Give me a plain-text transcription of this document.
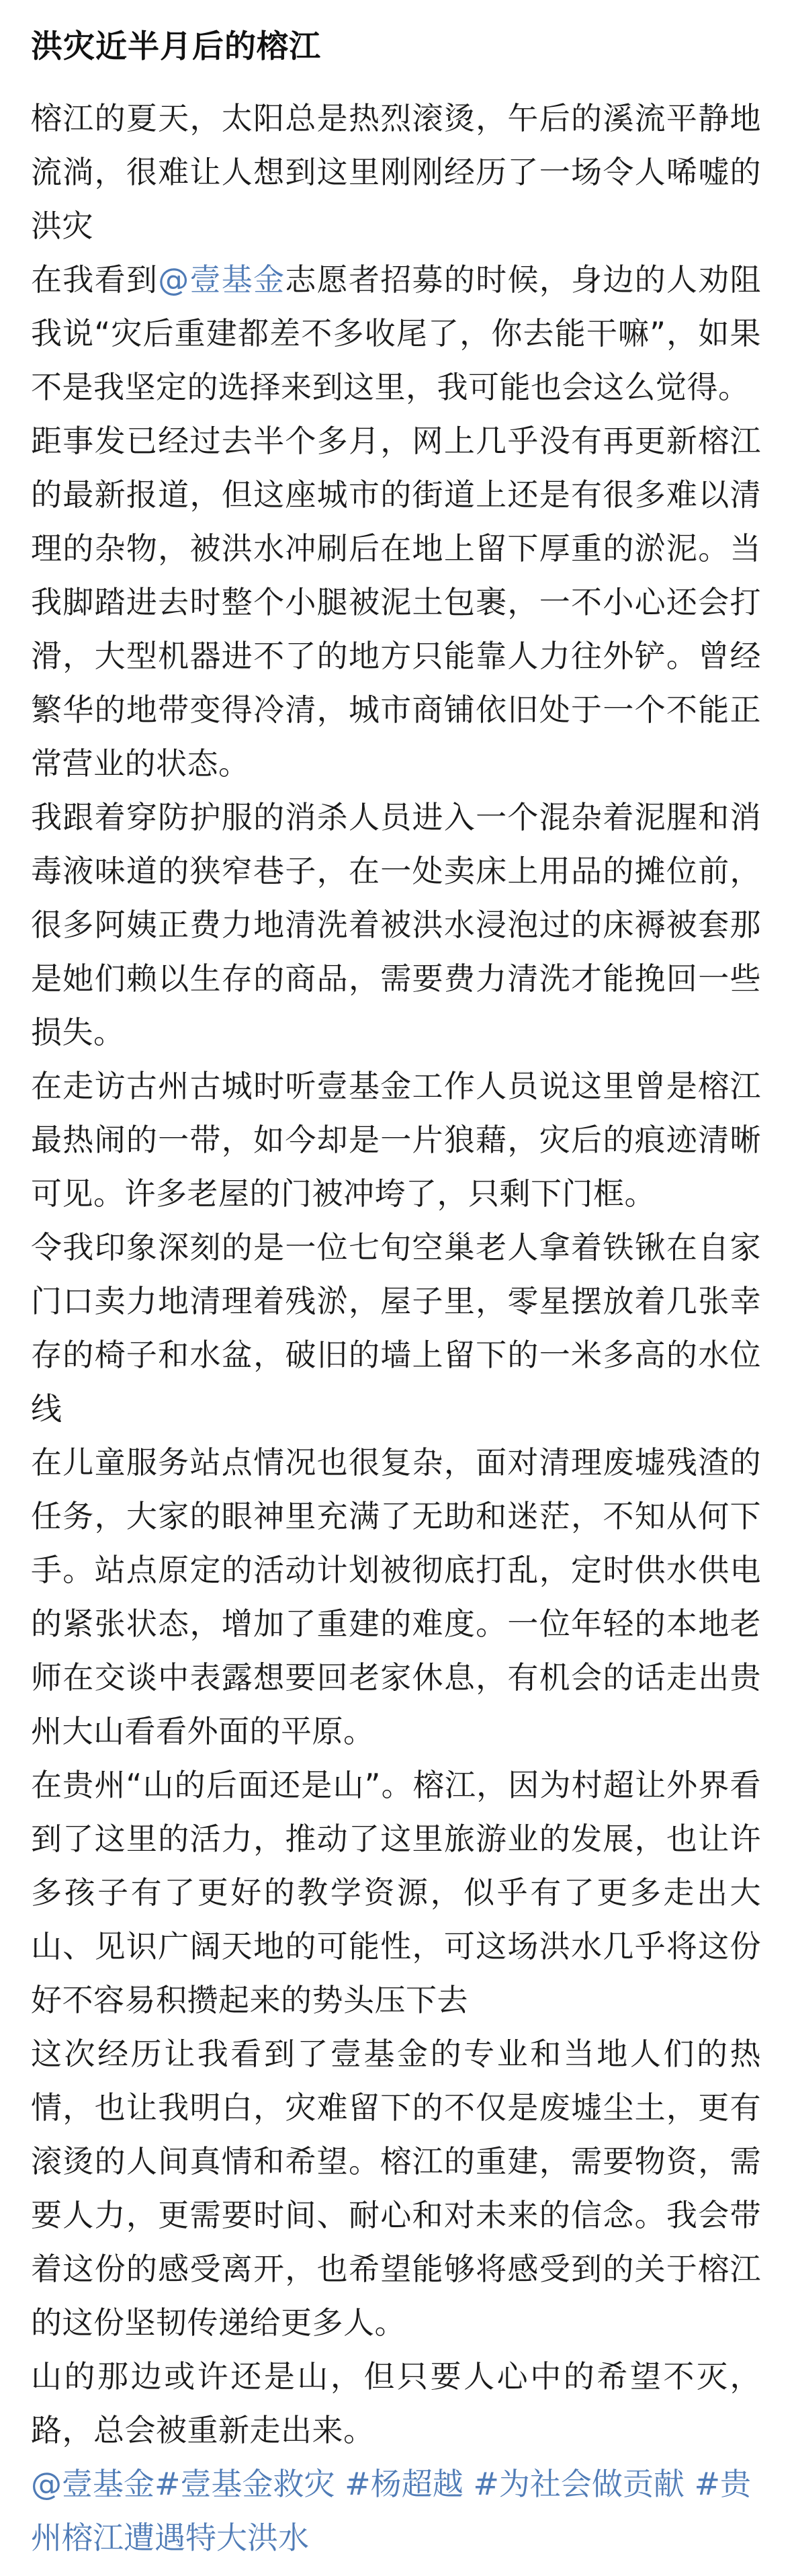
洪灾近半月后的榕江

榕江的夏天，太阳总是热烈滚烫，午后的溪流平静地流淌，很难让人想到这里刚刚经历了一场令人唏嘘的洪灾

在我看到@壹基金志愿者招募的时候，身边的人劝阻我说“灾后重建都差不多收尾了，你去能干嘛”，如果不是我坚定的选择来到这里，我可能也会这么觉得。

距事发已经过去半个多月，网上几乎没有再更新榕江的最新报道，但这座城市的街道上还是有很多难以清理的杂物，被洪水冲刷后在地上留下厚重的淤泥。当我脚踏进去时整个小腿被泥土包裹，一不小心还会打滑，大型机器进不了的地方只能靠人力往外铲。曾经繁华的地带变得冷清，城市商铺依旧处于一个不能正常营业的状态。

我跟着穿防护服的消杀人员进入一个混杂着泥腥和消毒液味道的狭窄巷子，在一处卖床上用品的摊位前，很多阿姨正费力地清洗着被洪水浸泡过的床褥被套那是她们赖以生存的商品，需要费力清洗才能挽回一些损失。

在走访古州古城时听壹基金工作人员说这里曾是榕江最热闹的一带，如今却是一片狼藉，灾后的痕迹清晰可见。许多老屋的门被冲垮了，只剩下门框。

令我印象深刻的是一位七旬空巢老人拿着铁锹在自家门口卖力地清理着残淤，屋子里，零星摆放着几张幸存的椅子和水盆，破旧的墙上留下的一米多高的水位线

在儿童服务站点情况也很复杂，面对清理废墟残渣的任务，大家的眼神里充满了无助和迷茫，不知从何下手。站点原定的活动计划被彻底打乱，定时供水供电的紧张状态，增加了重建的难度。一位年轻的本地老师在交谈中表露想要回老家休息，有机会的话走出贵州大山看看外面的平原。

在贵州“山的后面还是山”。榕江，因为村超让外界看到了这里的活力，推动了这里旅游业的发展，也让许多孩子有了更好的教学资源，似乎有了更多走出大山、见识广阔天地的可能性，可这场洪水几乎将这份好不容易积攒起来的势头压下去

这次经历让我看到了壹基金的专业和当地人们的热情，也让我明白，灾难留下的不仅是废墟尘土，更有滚烫的人间真情和希望。榕江的重建，需要物资，需要人力，更需要时间、耐心和对未来的信念。我会带着这份的感受离开，也希望能够将感受到的关于榕江的这份坚韧传递给更多人。

山的那边或许还是山，但只要人心中的希望不灭，路，总会被重新走出来。

@壹基金#壹基金救灾 #杨超越 #为社会做贡献 #贵州榕江遭遇特大洪水
